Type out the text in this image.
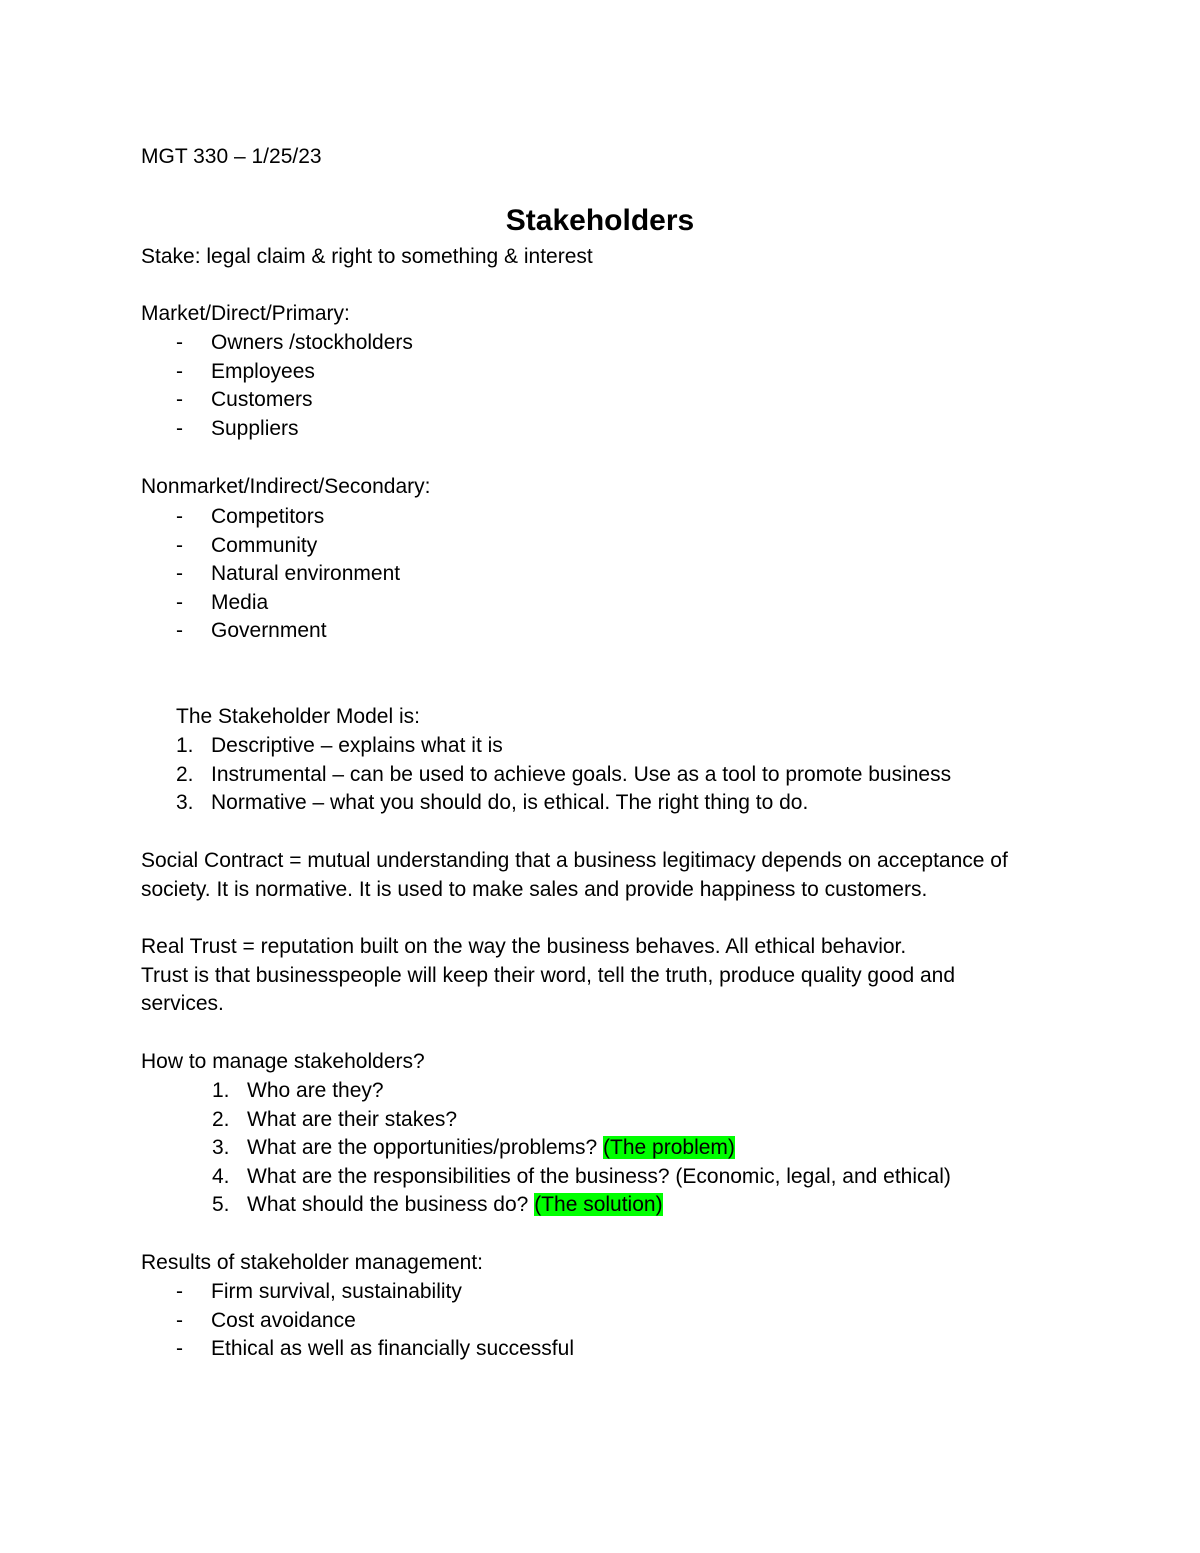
MGT 330 – 1/25/23
Stakeholders
Stake: legal claim & right to something & interest
Market/Direct/Primary:
- Owners /stockholders
- Employees
- Customers
- Suppliers
Nonmarket/Indirect/Secondary:
- Competitors
- Community
- Natural environment
- Media
- Government
The Stakeholder Model is:
1. Descriptive – explains what it is
2. Instrumental – can be used to achieve goals. Use as a tool to promote business
3. Normative – what you should do, is ethical. The right thing to do.
Social Contract = mutual understanding that a business legitimacy depends on acceptance of
society. It is normative. It is used to make sales and provide happiness to customers.
Real Trust = reputation built on the way the business behaves. All ethical behavior.
Trust is that businesspeople will keep their word, tell the truth, produce quality good and
services.
How to manage stakeholders?
1. Who are they?
2. What are their stakes?
3. What are the opportunities/problems? (The problem)
4. What are the responsibilities of the business? (Economic, legal, and ethical)
5. What should the business do? (The solution)
Results of stakeholder management:
- Firm survival, sustainability
- Cost avoidance
- Ethical as well as financially successful
